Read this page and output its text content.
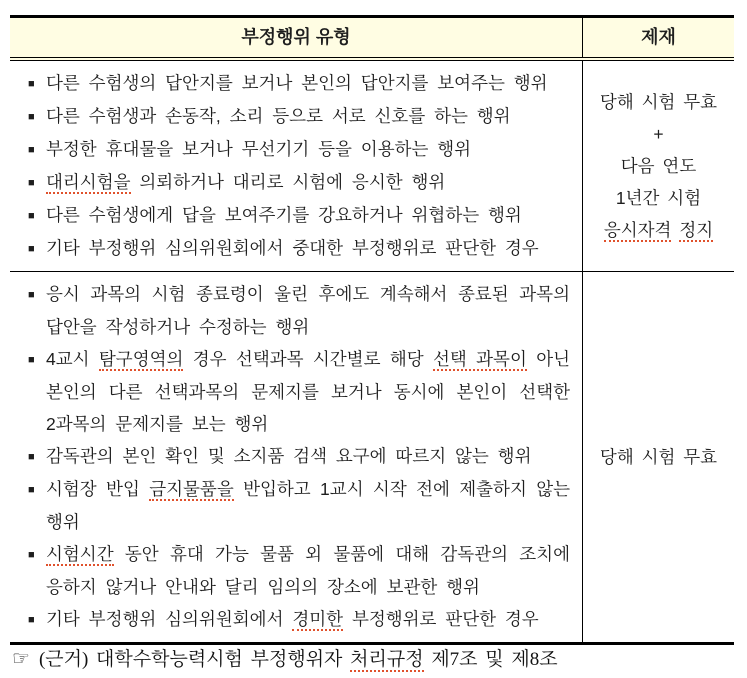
부정행위 유형	제재
■ 다른 수험생의 답안지를 보거나 본인의 답안지를 보여주는 행위
■ 다른 수험생과 손동작, 소리 등으로 서로 신호를 하는 행위
■ 부정한 휴대물을 보거나 무선기기 등을 이용하는 행위
■ 대리시험을 의뢰하거나 대리로 시험에 응시한 행위
■ 다른 수험생에게 답을 보여주기를 강요하거나 위협하는 행위
■ 기타 부정행위 심의위원회에서 중대한 부정행위로 판단한 경우
당해 시험 무효
+
다음 연도
1년간 시험
응시자격 정지
■ 응시 과목의 시험 종료령이 울린 후에도 계속해서 종료된 과목의 답안을 작성하거나 수정하는 행위
■ 4교시 탐구영역의 경우 선택과목 시간별로 해당 선택 과목이 아닌 본인의 다른 선택과목의 문제지를 보거나 동시에 본인이 선택한 2과목의 문제지를 보는 행위
■ 감독관의 본인 확인 및 소지품 검색 요구에 따르지 않는 행위
■ 시험장 반입 금지물품을 반입하고 1교시 시작 전에 제출하지 않는 행위
■ 시험시간 동안 휴대 가능 물품 외 물품에 대해 감독관의 조치에 응하지 않거나 안내와 달리 임의의 장소에 보관한 행위
■ 기타 부정행위 심의위원회에서 경미한 부정행위로 판단한 경우
당해 시험 무효
☞ (근거) 대학수학능력시험 부정행위자 처리규정 제7조 및 제8조
